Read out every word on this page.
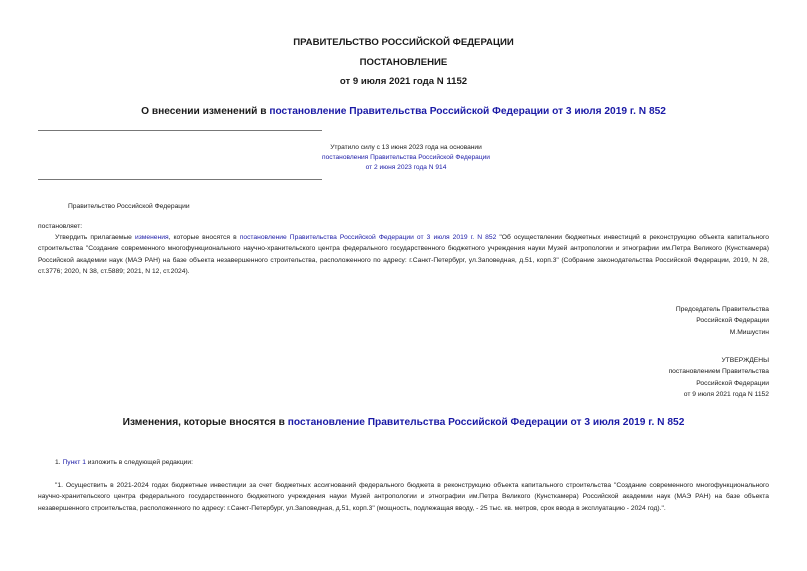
ПРАВИТЕЛЬСТВО РОССИЙСКОЙ ФЕДЕРАЦИИ
ПОСТАНОВЛЕНИЕ
от 9 июля 2021 года N 1152
О внесении изменений в постановление Правительства Российской Федерации от 3 июля 2019 г. N 852
Утратило силу с 13 июня 2023 года на основании
постановления Правительства Российской Федерации
от 2 июня 2023 года N 914
Правительство Российской Федерации
постановляет:
Утвердить прилагаемые изменения, которые вносятся в постановление Правительства Российской Федерации от 3 июля 2019 г. N 852 "Об осуществлении бюджетных инвестиций в реконструкцию объекта капитального строительства "Создание современного многофункционального научно-хранительского центра федерального государственного бюджетного учреждения науки Музей антропологии и этнографии им.Петра Великого (Кунсткамера) Российской академии наук (МАЭ РАН) на базе объекта незавершенного строительства, расположенного по адресу: г.Санкт-Петербург, ул.Заповедная, д.51, корп.3" (Собрание законодательства Российской Федерации, 2019, N 28, ст.3776; 2020, N 38, ст.5889; 2021, N 12, ст.2024).
Председатель Правительства
Российской Федерации
М.Мишустин
УТВЕРЖДЕНЫ
постановлением Правительства
Российской Федерации
от 9 июля 2021 года N 1152
Изменения, которые вносятся в постановление Правительства Российской Федерации от 3 июля 2019 г. N 852
1. Пункт 1 изложить в следующей редакции:
"1. Осуществить в 2021-2024 годах бюджетные инвестиции за счет бюджетных ассигнований федерального бюджета в реконструкцию объекта капитального строительства "Создание современного многофункционального научно-хранительского центра федерального государственного бюджетного учреждения науки Музей антропологии и этнографии им.Петра Великого (Кунсткамера) Российской академии наук (МАЭ РАН) на базе объекта незавершенного строительства, расположенного по адресу: г.Санкт-Петербург, ул.Заповедная, д.51, корп.3" (мощность, подлежащая вводу, - 25 тыс. кв. метров, срок ввода в эксплуатацию - 2024 год).".
